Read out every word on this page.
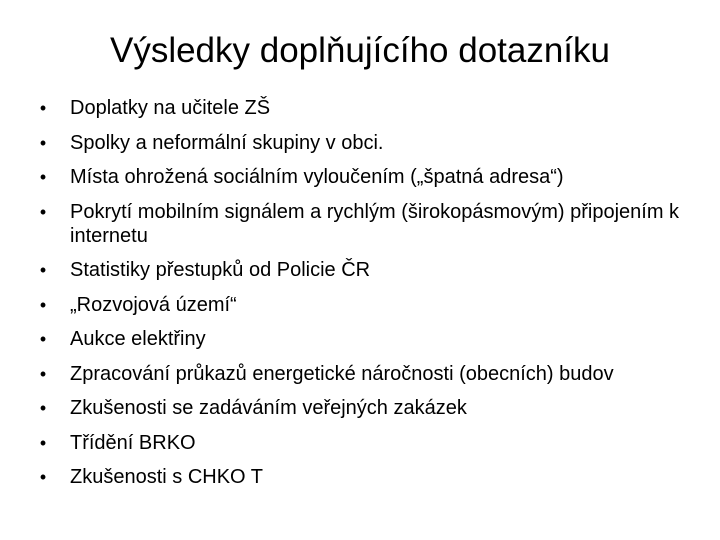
Výsledky doplňujícího dotazníku
• Doplatky na učitele ZŠ
• Spolky a neformální skupiny v obci.
• Místa ohrožená sociálním vyloučením („špatná adresa“)
• Pokrytí mobilním signálem a rychlým (širokopásmovým) připojením k internetu
• Statistiky přestupků od Policie ČR
• „Rozvojová území“
• Aukce elektřiny
• Zpracování průkazů energetické náročnosti (obecních) budov
• Zkušenosti se zadáváním veřejných zakázek
• Třídění BRKO
• Zkušenosti s CHKO T
